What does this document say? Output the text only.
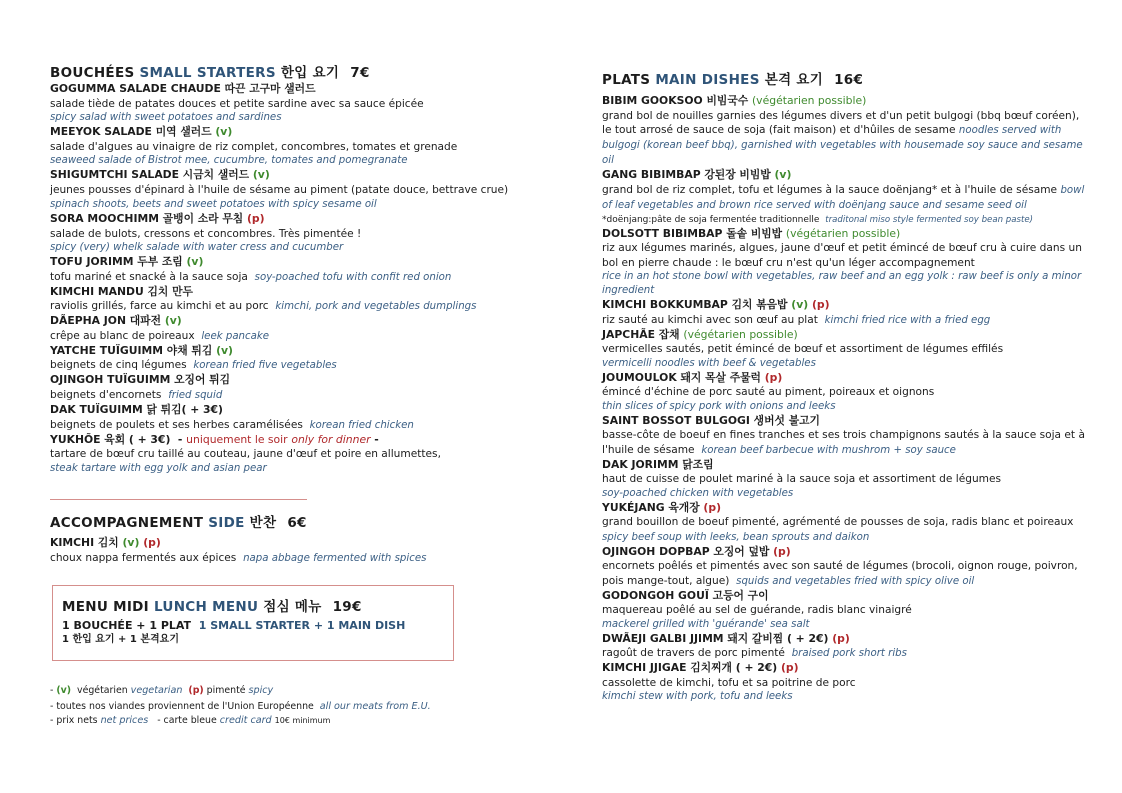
BOUCHÉES SMALL STARTERS 한입 요기 7€
GOGUMMA SALADE CHAUDE 따끈 고구마 샐러드
salade tiède de patates douces et petite sardine avec sa sauce épicée
spicy salad with sweet potatoes and sardines
MEEYOK SALADE 미역 샐러드 (v)
salade d'algues au vinaigre de riz complet, concombres, tomates et grenade
seaweed salade of Bistrot mee, cucumbre, tomates and pomegranate
SHIGUMTCHI SALADE 시금치 샐러드 (v)
jeunes pousses d'épinard à l'huile de sésame au piment (patate douce, bettrave crue)  spinach shoots, beets and sweet potatoes with spicy sesame oil
SORA MOOCHIMM 골뱅이 소라 무침 (p)
salade de bulots, cressons et concombres. Très pimentée !
spicy (very) whelk salade with water cress and cucumber
TOFU JORIMM 두부 조림 (v)
tofu mariné et snacké à la sauce soja soy-poached tofu with confit red onion
KIMCHI MANDU 김치 만두
raviolis grillés, farce au kimchi et au porc kimchi, pork and vegetables dumplings
DÃEPHA JON 대파전 (v)
crêpe au blanc de poireaux leek pancake
YATCHE TUÏGUIMM 야채 튀김 (v)
beignets de cinq légumes korean fried five vegetables
OJINGOH TUÏGUIMM 오징어 튀김
beignets d'encornets fried squid
DAK TUÏGUIMM 닭 튀김( + 3€)
beignets de poulets et ses herbes caramélisées korean fried chicken
YUKHÕE 육회 ( + 3€)  - uniquement le soir only for dinner -
tartare de bœuf cru taillé au couteau, jaune d'œuf et poire en allumettes,
steak tartare with egg yolk and asian pear
ACCOMPAGNEMENT SIDE 반찬 6€
KIMCHI 김치 (v) (p)
choux nappa fermentés aux épices napa abbage fermented with spices
MENU MIDI LUNCH MENU 점심 메뉴 19€
1 BOUCHÉE + 1 PLAT 1 SMALL STARTER + 1 MAIN DISH
1 한입 요기 + 1 본격요기
- (v) végétarien vegetarian (p) pimenté spicy
- toutes nos viandes proviennent de l'Union Européenne all our meats from E.U.
- prix nets net prices - carte bleue credit card 10€ minimum
PLATS MAIN DISHES 본격 요기 16€
BIBIM GOOKSOO 비빔국수 (végétarien possible)
grand bol de nouilles garnies des légumes divers et d'un petit bulgogi (bbq bœuf coréen), le tout arrosé de sauce de soja (fait maison) et d'hûiles de sesame noodles served with bulgogi (korean beef bbq), garnished with vegetables with housemade soy sauce and sesame oil
GANG BIBIMBAP 강된장 비빔밥 (v)
grand bol de riz complet, tofu et légumes à la sauce doënjang* et à l'huile de sésame bowl of leaf vegetables and brown rice served with doënjang sauce and sesame seed oil
*doënjang:pâte de soja fermentée traditionnelle traditonal miso style fermented soy bean paste)
DOLSOTT BIBIMBAP 돌솥 비빔밥 (végétarien possible)
riz aux légumes marinés, algues, jaune d'œuf et petit émincé de bœuf cru à cuire dans un bol en pierre chaude : le bœuf cru n'est qu'un léger accompagnement
rice in an hot stone bowl with vegetables, raw beef and an egg yolk : raw beef is only a minor ingredient
KIMCHI BOKKUMBAP 김치 볶음밥 (v) (p)
riz sauté au kimchi avec son œuf au plat kimchi fried rice with a fried egg
JAPCHÃE 잡채 (végétarien possible)
vermicelles sautés, petit émincé de bœuf et assortiment de légumes effilés
vermicelli noodles with beef & vegetables
JOUMOULOK 돼지 목살 주물럭 (p)
émincé d'échine de porc sauté au piment, poireaux et oignons
thin slices of spicy pork with onions and leeks
SAINT BOSSOT BULGOGI 생버섯 불고기
basse-côte de boeuf en fines tranches et ses trois champignons sautés à la sauce soja et à l'huile de sésame korean beef barbecue with mushrom + soy sauce
DAK JORIMM 닭조림
haut de cuisse de poulet mariné à la sauce soja et assortiment de légumes
soy-poached chicken with vegetables
YUKÉJANG 육개장 (p)
grand bouillon de boeuf pimenté, agrémenté de pousses de soja, radis blanc et poireaux  spicy beef soup with leeks, bean sprouts and daikon
OJINGOH DOPBAP 오징어 덮밥 (p)
encornets poêlés et pimentés avec son sauté de légumes (brocoli, oignon rouge, poivron, pois mange-tout, algue) squids and vegetables fried with spicy olive oil
GODONGOH GOUÏ 고등어 구이
maquereau poêlé au sel de guérande, radis blanc vinaigré
mackerel grilled with 'guérande' sea salt
DWÃEJI GALBI JJIMM 돼지 갈비찜 ( + 2€) (p)
ragoût de travers de porc pimenté braised pork short ribs
KIMCHI JJIGAE 김치찌개 ( + 2€) (p)
cassolette de kimchi, tofu et sa poitrine de porc
kimchi stew with pork, tofu and leeks
